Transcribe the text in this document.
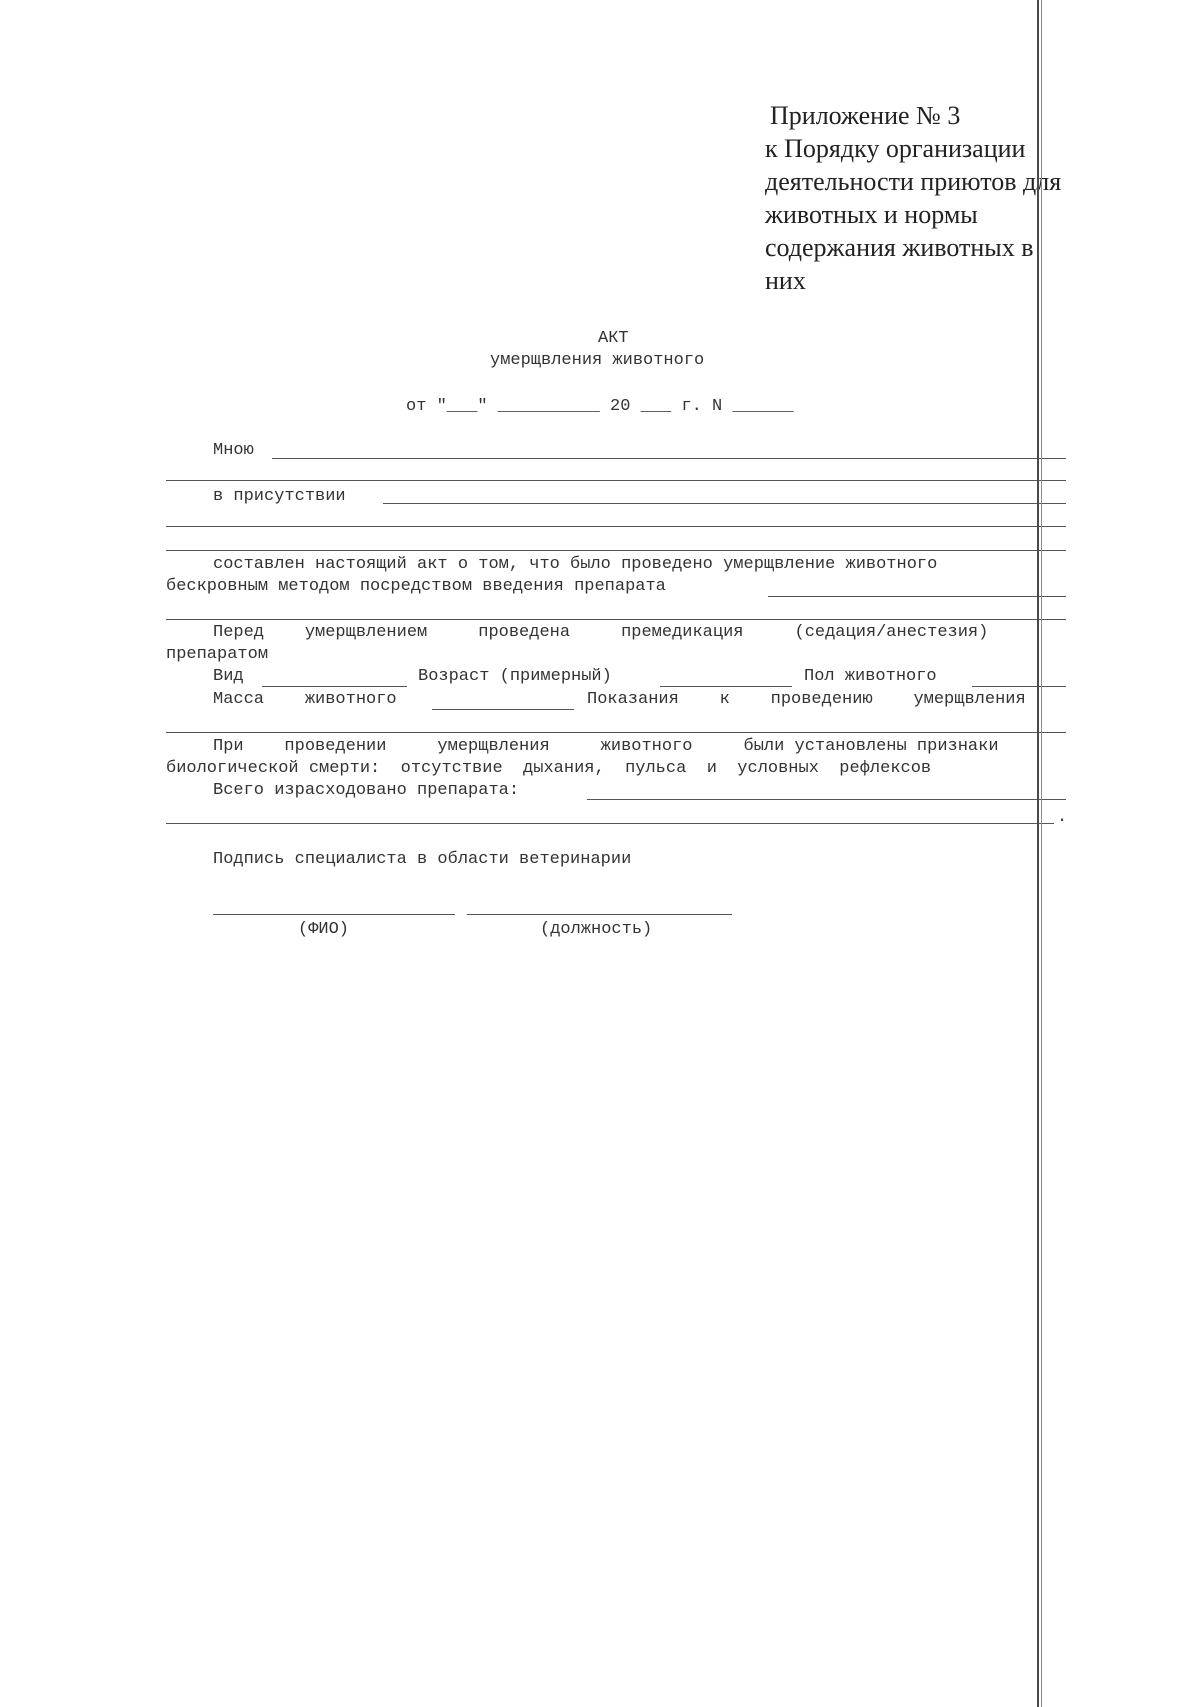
Приложение № 3
к Порядку организации
деятельности приютов для
животных и нормы
содержания животных в
них
АКТ
умерщвления животного
от "___" __________ 20 ___ г. N ______
Мною
в присутствии
составлен настоящий акт о том, что было проведено умерщвление животного
бескровным методом посредством введения препарата
Перед    умерщвлением     проведена     премедикация     (седация/анестезия)
препаратом
Вид	Возраст (примерный)	Пол животного
Масса    животного	Показания    к    проведению    умерщвления
При    проведении     умерщвления     животного     были установлены признаки
биологической смерти:  отсутствие  дыхания,  пульса  и  условных  рефлексов
Всего израсходовано препарата:
.
Подпись специалиста в области ветеринарии
(ФИО)	(должность)
